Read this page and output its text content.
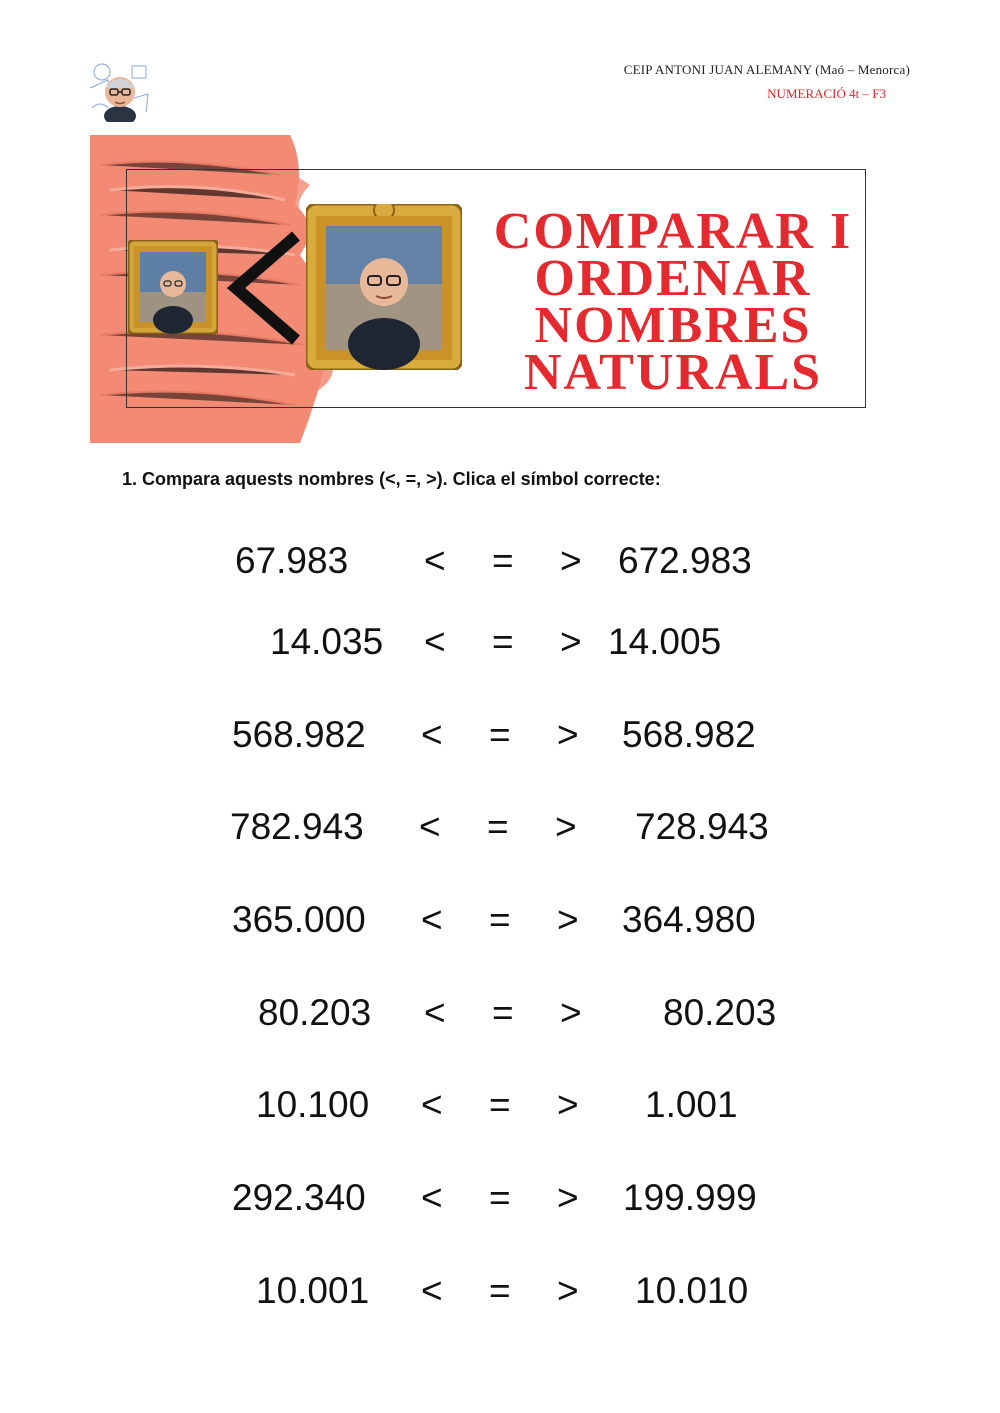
CEIP ANTONI JUAN ALEMANY (Maó – Menorca)
NUMERACIÓ 4t – F3
COMPARAR I
ORDENAR
NOMBRES
NATURALS
1. Compara aquests nombres (<, =, >). Clica el símbol correcte:
67.983 < = > 672.983
14.035 < = > 14.005
568.982 < = > 568.982
782.943 < = > 728.943
365.000 < = > 364.980
80.203 < = > 80.203
10.100 < = > 1.001
292.340 < = > 199.999
10.001 < = > 10.010
